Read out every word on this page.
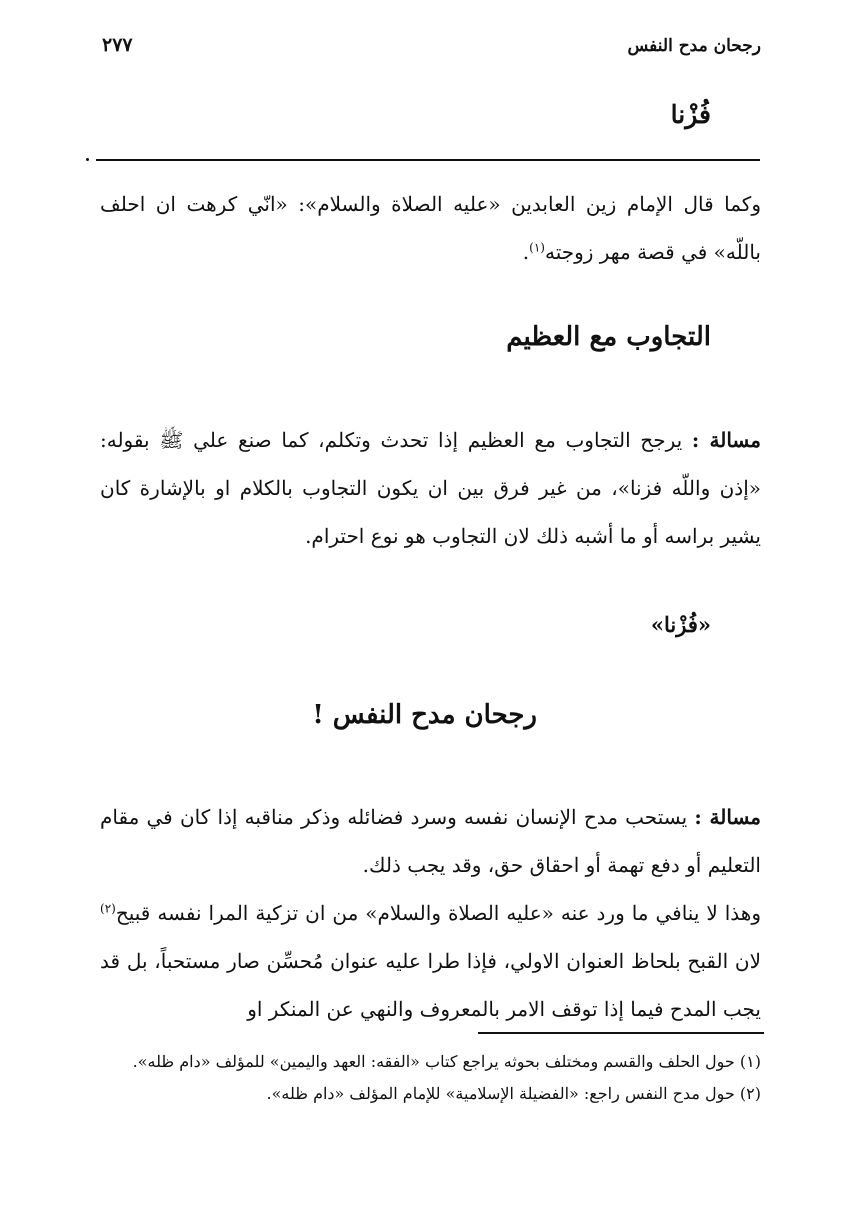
رجحان مدح النفس
٢٧٧
فُزْنا

وكما قال الإمام زين العابدين «عليه الصلاة والسلام»: «انّي كرهت ان احلف باللّه» في قصة مهر زوجته$^{(١)}$.

التجاوب مع العظيم

مسالة : يرجح التجاوب مع العظيم إذا تحدث وتكلم، كما صنع علي ﷺ بقوله: «إذن واللّه فزنا»، من غير فرق بين ان يكون التجاوب بالكلام او بالإشارة كان يشير براسه أو ما أشبه ذلك لان التجاوب هو نوع احترام.

«فُزْنا»
رجحان مدح النفس !

مسالة : يستحب مدح الإنسان نفسه وسرد فضائله وذكر مناقبه إذا كان في مقام التعليم أو دفع تهمة أو احقاق حق، وقد يجب ذلك.

وهذا لا ينافي ما ورد عنه «عليه الصلاة والسلام» من ان تزكية المرا نفسه قبيح$^{(٢)}$ لان القبح بلحاظ العنوان الاولي، فإذا طرا عليه عنوان مُحسِّن صار مستحباً، بل قد يجب المدح فيما إذا توقف الامر بالمعروف والنهي عن المنكر او

(١) حول الحلف والقسم ومختلف بحوثه يراجع كتاب «الفقه: العهد واليمين» للمؤلف «دام ظله».

(٢) حول مدح النفس راجع: «الفضيلة الإسلامية» للإمام المؤلف «دام ظله».
